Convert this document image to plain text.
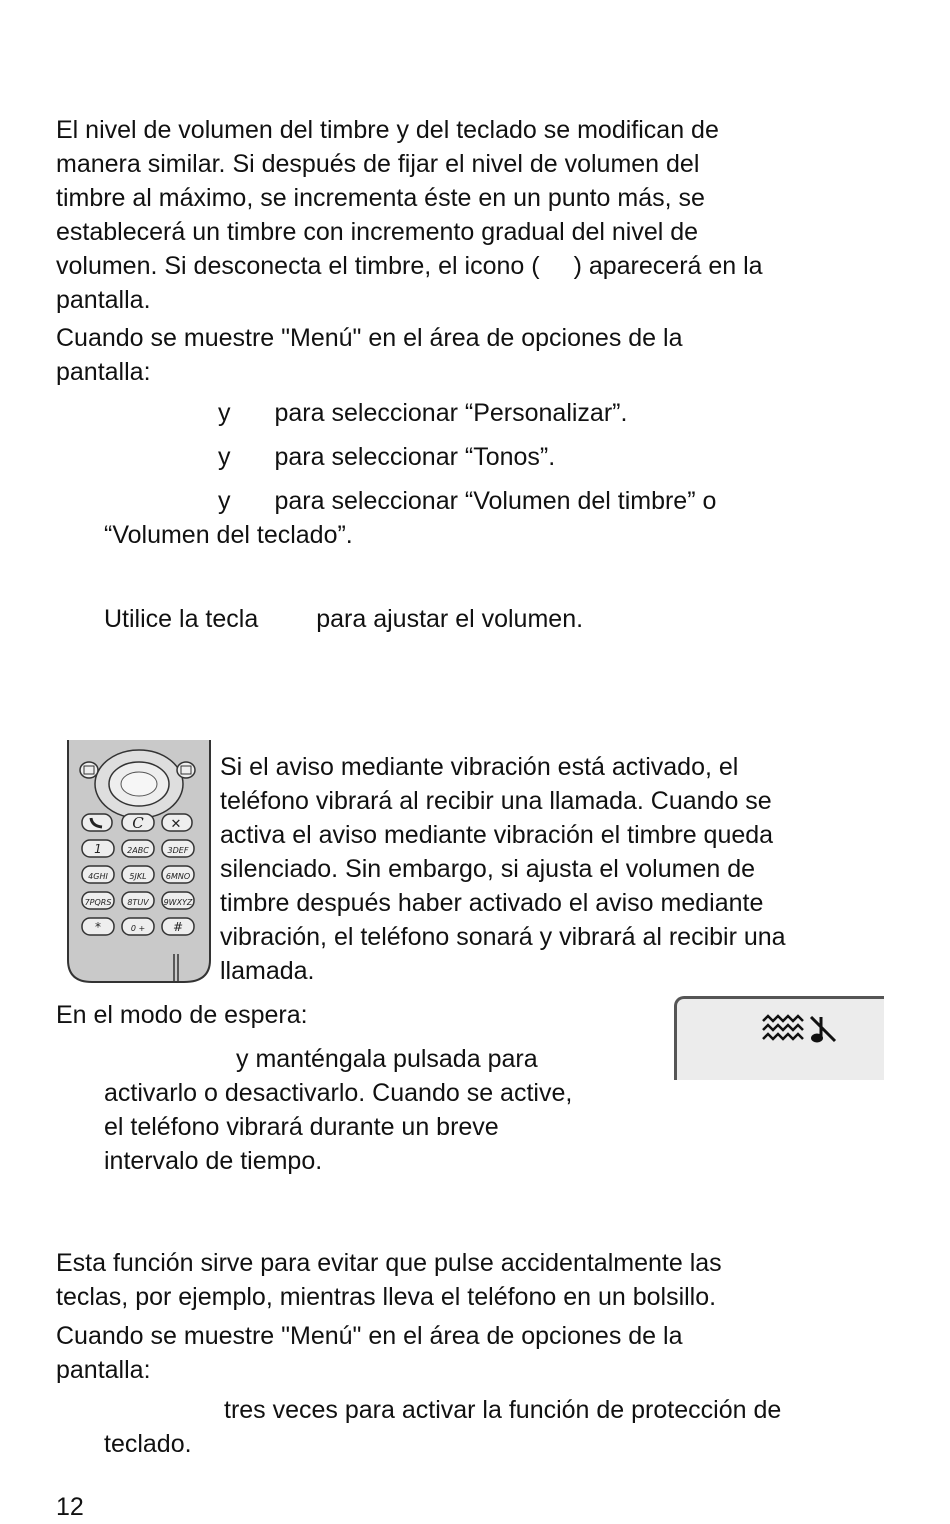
El nivel de volumen del timbre y del teclado se modifican de
manera similar. Si después de fijar el nivel de volumen del
timbre al máximo, se incrementa éste en un punto más, se
establecerá un timbre con incremento gradual del nivel de
volumen. Si desconecta el timbre, el icono ( ) aparecerá en la
pantalla.
Cuando se muestre "Menú" en el área de opciones de la
pantalla:
y para seleccionar “Personalizar”.
y para seleccionar “Tonos”.
y para seleccionar “Volumen del timbre” o
“Volumen del teclado”.
Utilice la tecla para ajustar el volumen.
C ✕
1	2ABC 3DEF
4GHI	5JKL 6MNO
7PQRS 8TUV 9WXYZ
*	0 + #
Si el aviso mediante vibración está activado, el
teléfono vibrará al recibir una llamada. Cuando se
activa el aviso mediante vibración el timbre queda
silenciado. Sin embargo, si ajusta el volumen de
timbre después haber activado el aviso mediante
vibración, el teléfono sonará y vibrará al recibir una
llamada.
En el modo de espera:
y manténgala pulsada para
activarlo o desactivarlo. Cuando se active,
el teléfono vibrará durante un breve
intervalo de tiempo.
Esta función sirve para evitar que pulse accidentalmente las
teclas, por ejemplo, mientras lleva el teléfono en un bolsillo.
Cuando se muestre "Menú" en el área de opciones de la
pantalla:
tres veces para activar la función de protección de
teclado.
12
